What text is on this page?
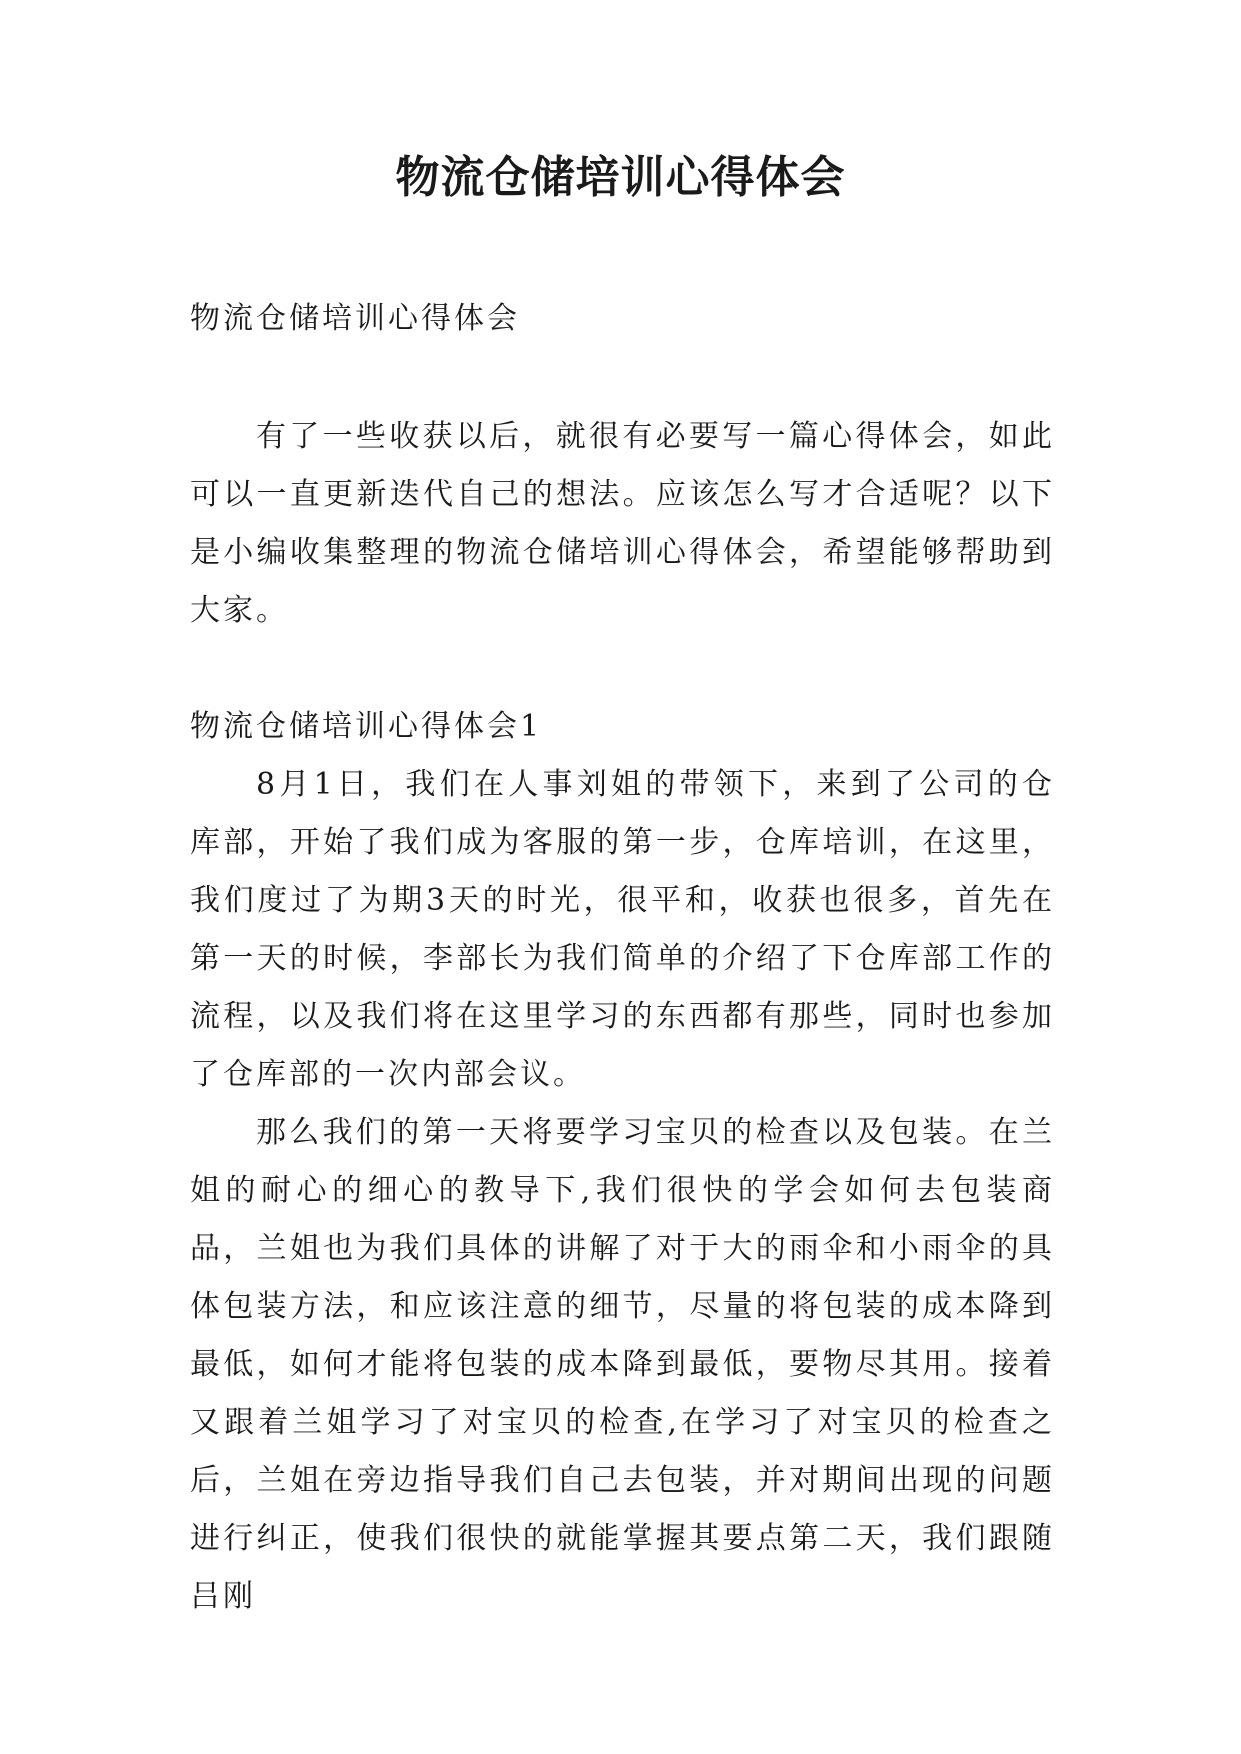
物流仓储培训心得体会

物流仓储培训心得体会

有了一些收获以后，就很有必要写一篇心得体会，如此可以一直更新迭代自己的想法。应该怎么写才合适呢？以下是小编收集整理的物流仓储培训心得体会，希望能够帮助到大家。

物流仓储培训心得体会1

8月1日，我们在人事刘姐的带领下，来到了公司的仓库部，开始了我们成为客服的第一步，仓库培训，在这里，我们度过了为期3天的时光，很平和，收获也很多，首先在第一天的时候，李部长为我们简单的介绍了下仓库部工作的流程，以及我们将在这里学习的东西都有那些，同时也参加了仓库部的一次内部会议。

那么我们的第一天将要学习宝贝的检查以及包装。在兰姐的耐心的细心的教导下,我们很快的学会如何去包装商品，兰姐也为我们具体的讲解了对于大的雨伞和小雨伞的具体包装方法，和应该注意的细节，尽量的将包装的成本降到最低，如何才能将包装的成本降到最低，要物尽其用。接着又跟着兰姐学习了对宝贝的检查,在学习了对宝贝的检查之后，兰姐在旁边指导我们自己去包装，并对期间出现的问题进行纠正，使我们很快的就能掌握其要点第二天，我们跟随吕刚
